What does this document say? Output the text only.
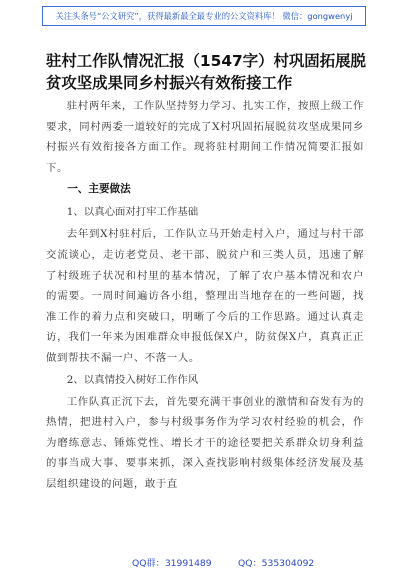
关注头条号“公文研究”，获得最新最全最专业的公文资料库！ 微信：gongwenyj
驻村工作队情况汇报（1547字）村巩固拓展脱贫攻坚成果同乡村振兴有效衔接工作

驻村两年来，工作队坚持努力学习、扎实工作，按照上级工作要求，同村两委一道较好的完成了X村巩固拓展脱贫攻坚成果同乡村振兴有效衔接各方面工作。现将驻村期间工作情况简要汇报如下。

一、主要做法
1、以真心面对打牢工作基础

去年到X村驻村后，工作队立马开始走村入户，通过与村干部交流谈心，走访老党员、老干部、脱贫户和三类人员，迅速了解了村级班子状况和村里的基本情况，了解了农户基本情况和农户的需要。一周时间遍访各小组，整理出当地存在的一些问题，找准工作的着力点和突破口，明晰了今后的工作思路。通过认真走访，我们一年来为困难群众申报低保X户，防贫保X户，真真正正做到帮扶不漏一户、不落一人。

2、以真情投入树好工作作风

工作队真正沉下去，首先要充满干事创业的激情和奋发有为的热情，把进村入户，参与村级事务作为学习农村经验的机会，作为磨练意志、锤炼党性、增长才干的途径要把关系群众切身利益的事当成大事、要事来抓，深入查找影响村级集体经济发展及基层组织建设的问题，敢于直

QQ群：31991489	QQ：535304092
